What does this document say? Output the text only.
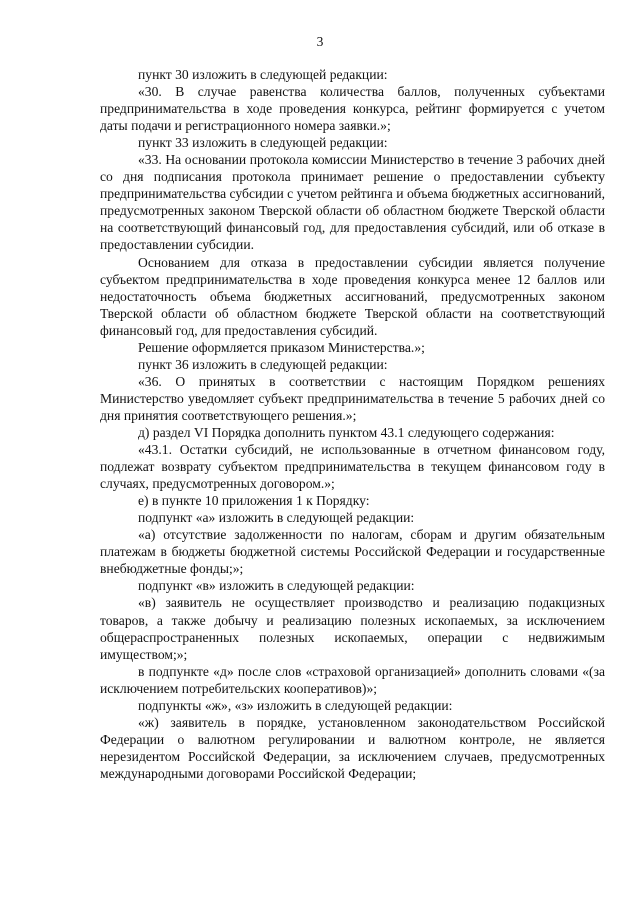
3

пункт 30 изложить в следующей редакции:

«30. В случае равенства количества баллов, полученных субъектами предпринимательства в ходе проведения конкурса, рейтинг формируется с учетом даты подачи и регистрационного номера заявки.»;

пункт 33 изложить в следующей редакции:

«33. На основании протокола комиссии Министерство в течение 3 рабочих дней со дня подписания протокола принимает решение о предоставлении субъекту предпринимательства субсидии с учетом рейтинга и объема бюджетных ассигнований, предусмотренных законом Тверской области об областном бюджете Тверской области на соответствующий финансовый год, для предоставления субсидий, или об отказе в предоставлении субсидии.

Основанием для отказа в предоставлении субсидии является получение субъектом предпринимательства в ходе проведения конкурса менее 12 баллов или недостаточность объема бюджетных ассигнований, предусмотренных законом Тверской области об областном бюджете Тверской области на соответствующий финансовый год, для предоставления субсидий.

Решение оформляется приказом Министерства.»;

пункт 36 изложить в следующей редакции:

«36. О принятых в соответствии с настоящим Порядком решениях Министерство уведомляет субъект предпринимательства в течение 5 рабочих дней со дня принятия соответствующего решения.»;

д) раздел VI Порядка дополнить пунктом 43.1 следующего содержания:

«43.1. Остатки субсидий, не использованные в отчетном финансовом году, подлежат возврату субъектом предпринимательства в текущем финансовом году в случаях, предусмотренных договором.»;

е) в пункте 10 приложения 1 к Порядку:

подпункт «а» изложить в следующей редакции:

«а) отсутствие задолженности по налогам, сборам и другим обязательным платежам в бюджеты бюджетной системы Российской Федерации и государственные внебюджетные фонды;»;

подпункт «в» изложить в следующей редакции:

«в) заявитель не осуществляет производство и реализацию подакцизных товаров, а также добычу и реализацию полезных ископаемых, за исключением общераспространенных полезных ископаемых, операции с недвижимым имуществом;»;

в подпункте «д» после слов «страховой организацией» дополнить словами «(за исключением потребительских кооперативов)»;

подпункты «ж», «з» изложить в следующей редакции:

«ж) заявитель в порядке, установленном законодательством Российской Федерации о валютном регулировании и валютном контроле, не является нерезидентом Российской Федерации, за исключением случаев, предусмотренных международными договорами Российской Федерации;
